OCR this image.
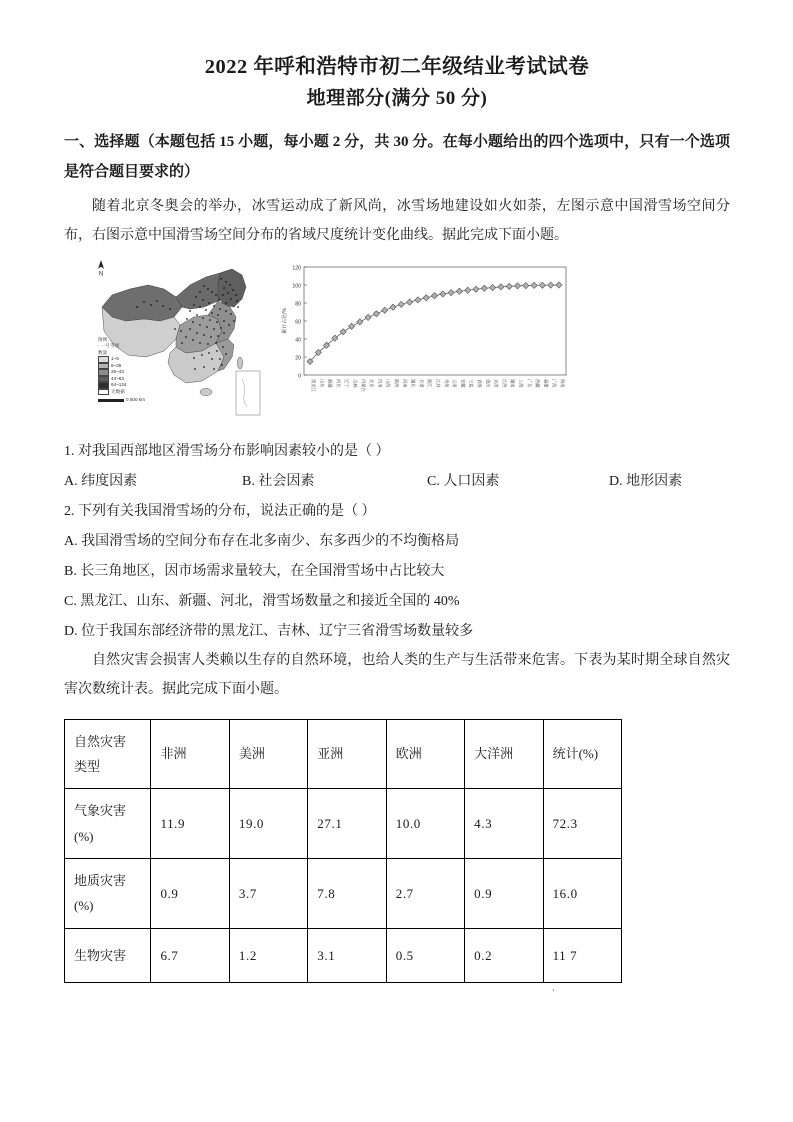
2022 年呼和浩特市初二年级结业考试试卷
地理部分(满分 50 分)

一、选择题（本题包括 15 小题，每小题 2 分，共 30 分。在每小题给出的四个选项中，只有一个选项是符合题目要求的）

随着北京冬奥会的举办，冰雪运动成了新风尚，冰雪场地建设如火如荼，左图示意中国滑雪场空间分布，右图示意中国滑雪场空间分布的省域尺度统计变化曲线。据此完成下面小题。

N
图例
· 一号雪场
数量
1~5
6~25
26~43
44~63
64~124
无数据
0 500 km
120
100
80
60
40
20
0
累计占比/%
黑龙江 山东 新疆 河北 辽宁 吉林 内蒙古 北京 四川 山西 陕西 河南 湖北 甘肃 浙江 江苏 贵州 云南 安徽 宁夏 青海 重庆 天津 江西 湖南 上海 广东 西藏 福建 广西 海南

1. 对我国西部地区滑雪场分布影响因素较小的是（ ）

A. 纬度因素	B. 社会因素	C. 人口因素	D. 地形因素

2. 下列有关我国滑雪场的分布，说法正确的是（ ）

A. 我国滑雪场的空间分布存在北多南少、东多西少的不均衡格局

B. 长三角地区，因市场需求量较大，在全国滑雪场中占比较大

C. 黑龙江、山东、新疆、河北，滑雪场数量之和接近全国的 40%

D. 位于我国东部经济带的黑龙江、吉林、辽宁三省滑雪场数量较多

自然灾害会损害人类赖以生存的自然环境，也给人类的生产与生活带来危害。下表为某时期全球自然灾害次数统计表。据此完成下面小题。

自然灾害
类型	非洲	美洲	亚洲	欧洲	大洋洲	统计(%)

气象灾害
(%)	11.9	19.0	27.1	10.0	4.3	72.3

地质灾害
(%)	0.9	3.7	7.8	2.7	0.9	16.0
生物灾害	6.7	1.2	3.1	0.5	0.2	11 7
